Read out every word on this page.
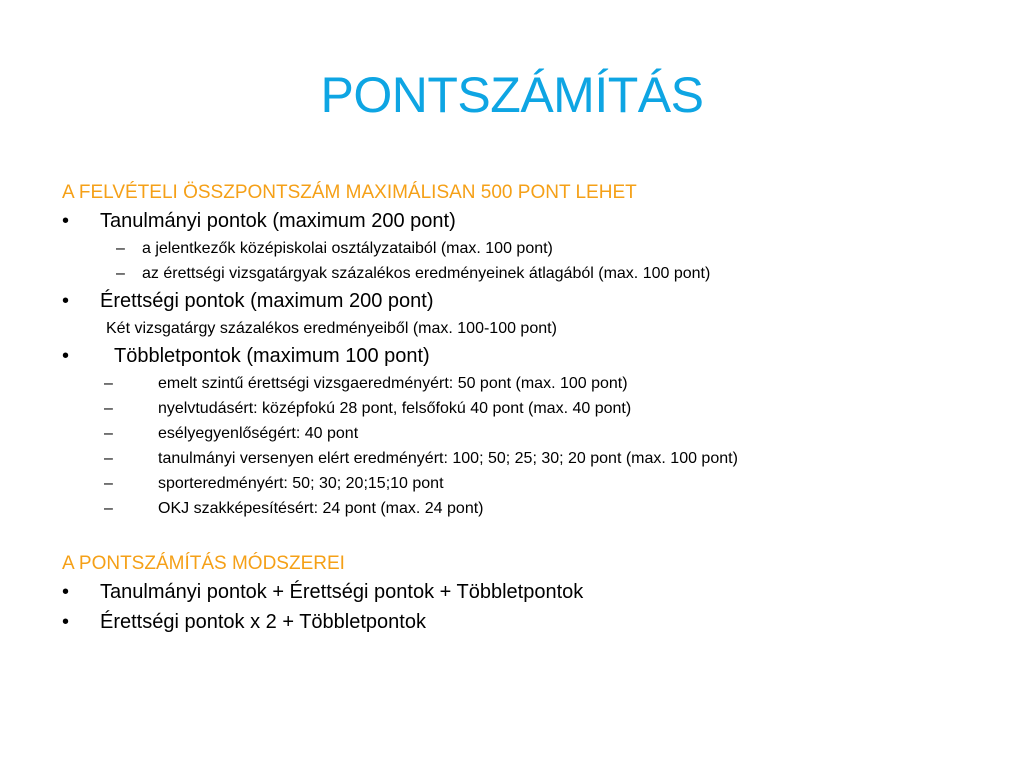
PONTSZÁMÍTÁS
A FELVÉTELI ÖSSZPONTSZÁM MAXIMÁLISAN 500 PONT LEHET
• Tanulmányi pontok (maximum 200 pont)
– a jelentkezők középiskolai osztályzataiból (max. 100 pont)
– az érettségi vizsgatárgyak százalékos eredményeinek átlagából (max. 100 pont)
• Érettségi pontok (maximum 200 pont)
Két vizsgatárgy százalékos eredményeiből (max. 100-100 pont)
• Többletpontok (maximum 100 pont)
–	emelt szintű érettségi vizsgaeredményért: 50 pont (max. 100 pont)
–	nyelvtudásért: középfokú 28 pont, felsőfokú 40 pont (max. 40 pont)
–	esélyegyenlőségért: 40 pont
–	tanulmányi versenyen elért eredményért: 100; 50; 25; 30; 20 pont (max. 100 pont)
–	sporteredményért: 50; 30; 20;15;10 pont
–	OKJ szakképesítésért: 24 pont (max. 24 pont)
A PONTSZÁMÍTÁS MÓDSZEREI
• Tanulmányi pontok + Érettségi pontok + Többletpontok
• Érettségi pontok x 2 + Többletpontok
